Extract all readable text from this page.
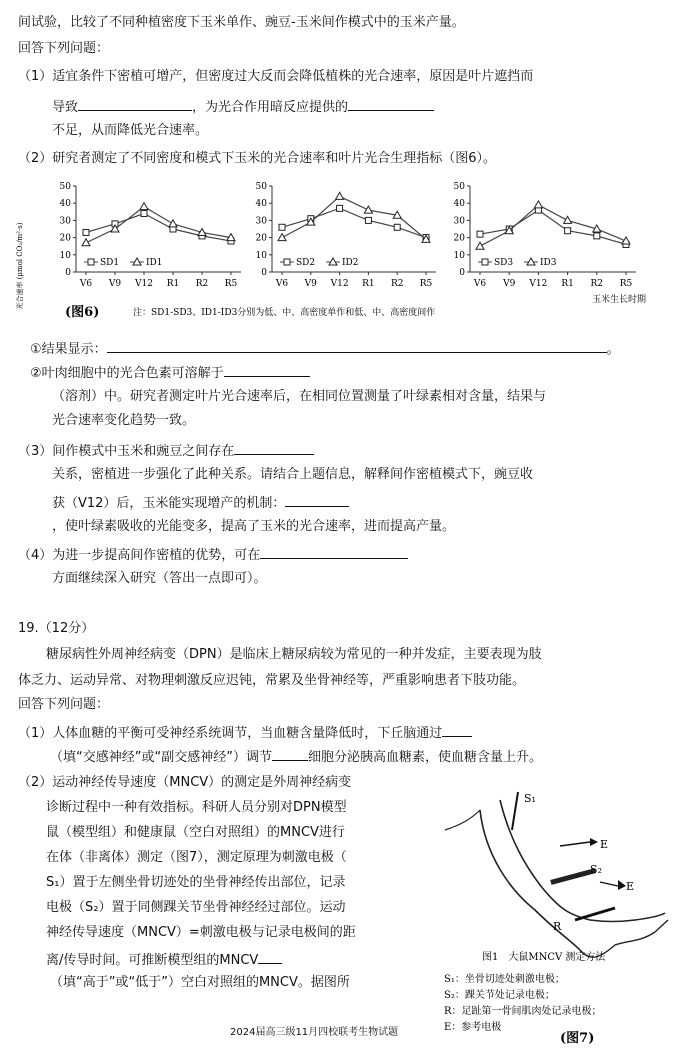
间试验，比较了不同种植密度下玉米单作、豌豆-玉米间作模式中的玉米产量。
回答下列问题：
（1）适宜条件下密植可增产，但密度过大反而会降低植株的光合速率，原因是叶片遮挡而
导致	，为光合作用暗反应提供的
不足，从而降低光合速率。
（2）研究者测定了不同密度和模式下玉米的光合速率和叶片光合生理指标（图6）。
0
10
20
30
40
50
V6 V9 V12 R1 R2 R5
SD1	ID1
0
10
20
30
40
50
V6 V9 V12 R1 R2 R5
SD2	ID2
0
10
20
30
40
50
V6 V9 V12 R1 R2 R5
SD3	ID3
光合速率 (μmol CO₂/m²·s)
(图6)	注：SD1-SD3、ID1-ID3分别为低、中、高密度单作和低、中、高密度间作
玉米生长时期
①结果显示：	。
②叶肉细胞中的光合色素可溶解于
（溶剂）中。研究者测定叶片光合速率后，在相同位置测量了叶绿素相对含量，结果与
光合速率变化趋势一致。
（3）间作模式中玉米和豌豆之间存在
关系，密植进一步强化了此种关系。请结合上题信息，解释间作密植模式下，豌豆收
获（V12）后，玉米能实现增产的机制：
，使叶绿素吸收的光能变多，提高了玉米的光合速率，进而提高产量。
（4）为进一步提高间作密植的优势，可在
方面继续深入研究（答出一点即可）。
19.（12分）
糖尿病性外周神经病变（DPN）是临床上糖尿病较为常见的一种并发症，主要表现为肢
体乏力、运动异常、对物理刺激反应迟钝，常累及坐骨神经等，严重影响患者下肢功能。
回答下列问题：
（1）人体血糖的平衡可受神经系统调节，当血糖含量降低时，下丘脑通过
（填“交感神经”或“副交感神经”）调节	细胞分泌胰高血糖素，使血糖含量上升。
（2）运动神经传导速度（MNCV）的测定是外周神经病变
诊断过程中一种有效指标。科研人员分别对DPN模型
鼠（模型组）和健康鼠（空白对照组）的MNCV进行
在体（非离体）测定（图7），测定原理为刺激电极（
S₁）置于左侧坐骨切迹处的坐骨神经传出部位，记录
电极（S₂）置于同侧踝关节坐骨神经经过部位。运动
神经传导速度（MNCV）=刺激电极与记录电极间的距
离/传导时间。可推断模型组的MNCV
（填“高于”或“低于”）空白对照组的MNCV。据图所
S₁
S₂
E
E
R
图1　大鼠MNCV 测定方法
S₁：坐骨切迹处刺激电极；
S₂：踝关节处记录电极；
R：足趾第一骨间肌肉处记录电极；
E：参考电极
(图7)
2024届高三级11月四校联考生物试题
